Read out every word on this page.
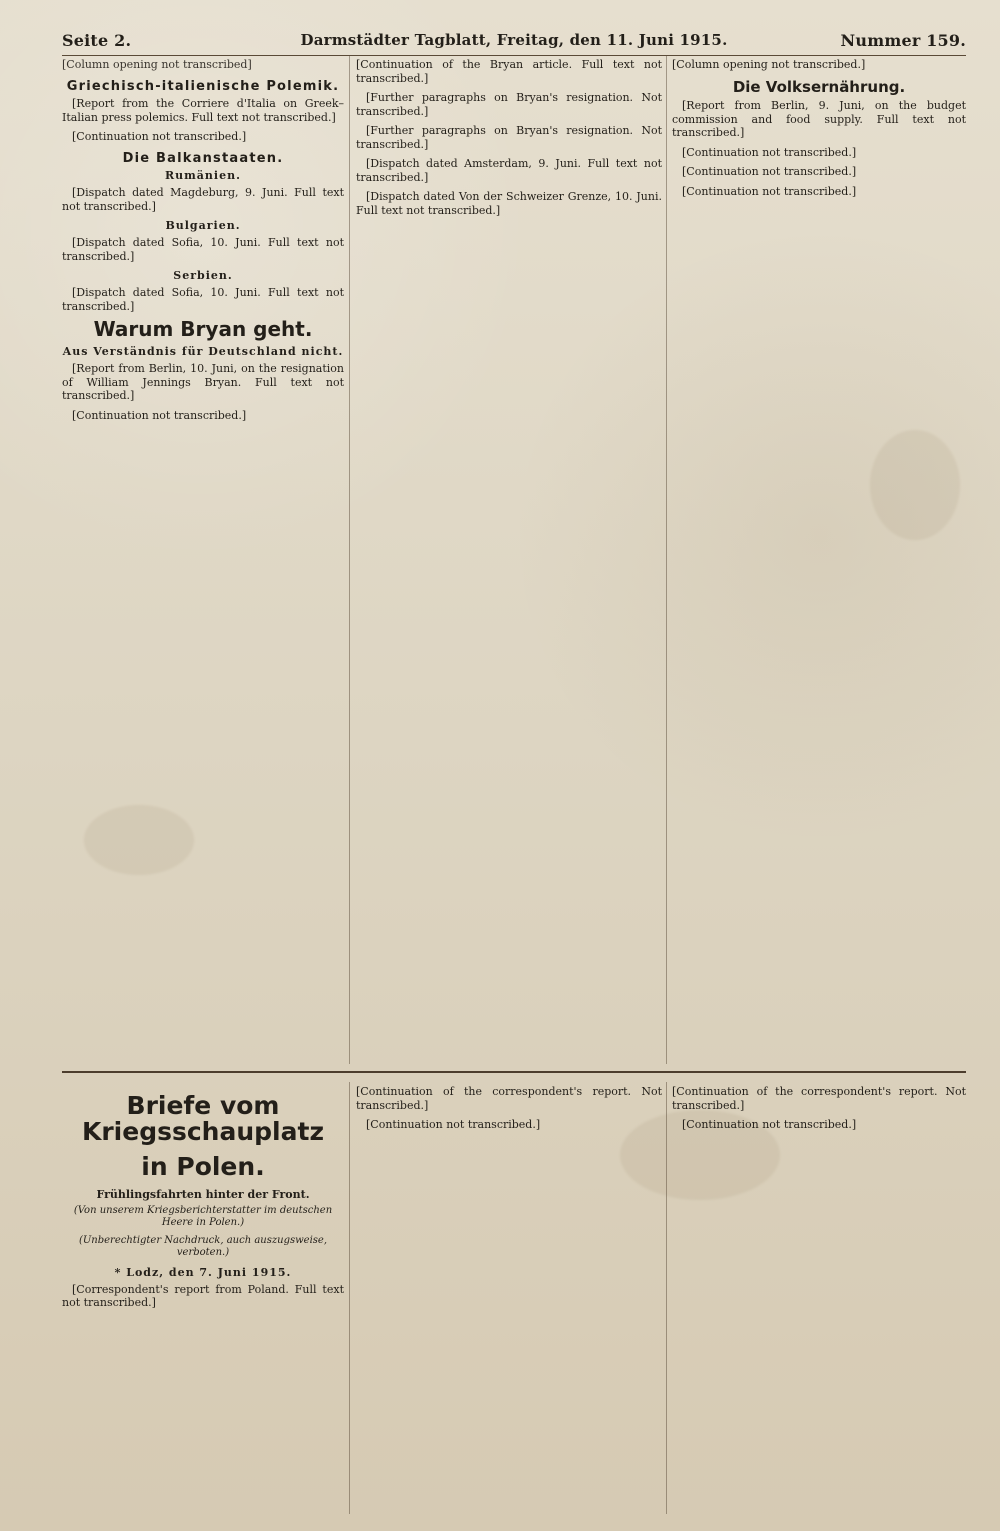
Seite 2.	Darmstädter Tagblatt, Freitag, den 11. Juni 1915.	Nummer 159.

[Column opening not transcribed]

Griechisch-italienische Polemik.

[Report from the Corriere d'Italia on Greek–Italian press polemics. Full text not transcribed.]

[Continuation not transcribed.]

Die Balkanstaaten.
Rumänien.

[Dispatch dated Magdeburg, 9. Juni. Full text not transcribed.]

Bulgarien.

[Dispatch dated Sofia, 10. Juni. Full text not transcribed.]

Serbien.

[Dispatch dated Sofia, 10. Juni. Full text not transcribed.]

Warum Bryan geht.
Aus Verständnis für Deutschland nicht.

[Report from Berlin, 10. Juni, on the resignation of William Jennings Bryan. Full text not transcribed.]

[Continuation not transcribed.]

[Continuation of the Bryan article. Full text not transcribed.]

[Further paragraphs on Bryan's resignation. Not transcribed.]

[Further paragraphs on Bryan's resignation. Not transcribed.]

[Dispatch dated Amsterdam, 9. Juni. Full text not transcribed.]

[Dispatch dated Von der Schweizer Grenze, 10. Juni. Full text not transcribed.]

[Column opening not transcribed.]

Die Volksernährung.

[Report from Berlin, 9. Juni, on the budget commission and food supply. Full text not transcribed.]

[Continuation not transcribed.]

[Continuation not transcribed.]

[Continuation not transcribed.]

Briefe vom Kriegsschauplatz
in Polen.
Frühlingsfahrten hinter der Front.
(Von unserem Kriegsberichterstatter im deutschen Heere in Polen.)
(Unberechtigter Nachdruck, auch auszugsweise, verboten.)
* Lodz, den 7. Juni 1915.

[Correspondent's report from Poland. Full text not transcribed.]

[Continuation of the correspondent's report. Not transcribed.]

[Continuation not transcribed.]

[Continuation of the correspondent's report. Not transcribed.]

[Continuation not transcribed.]
